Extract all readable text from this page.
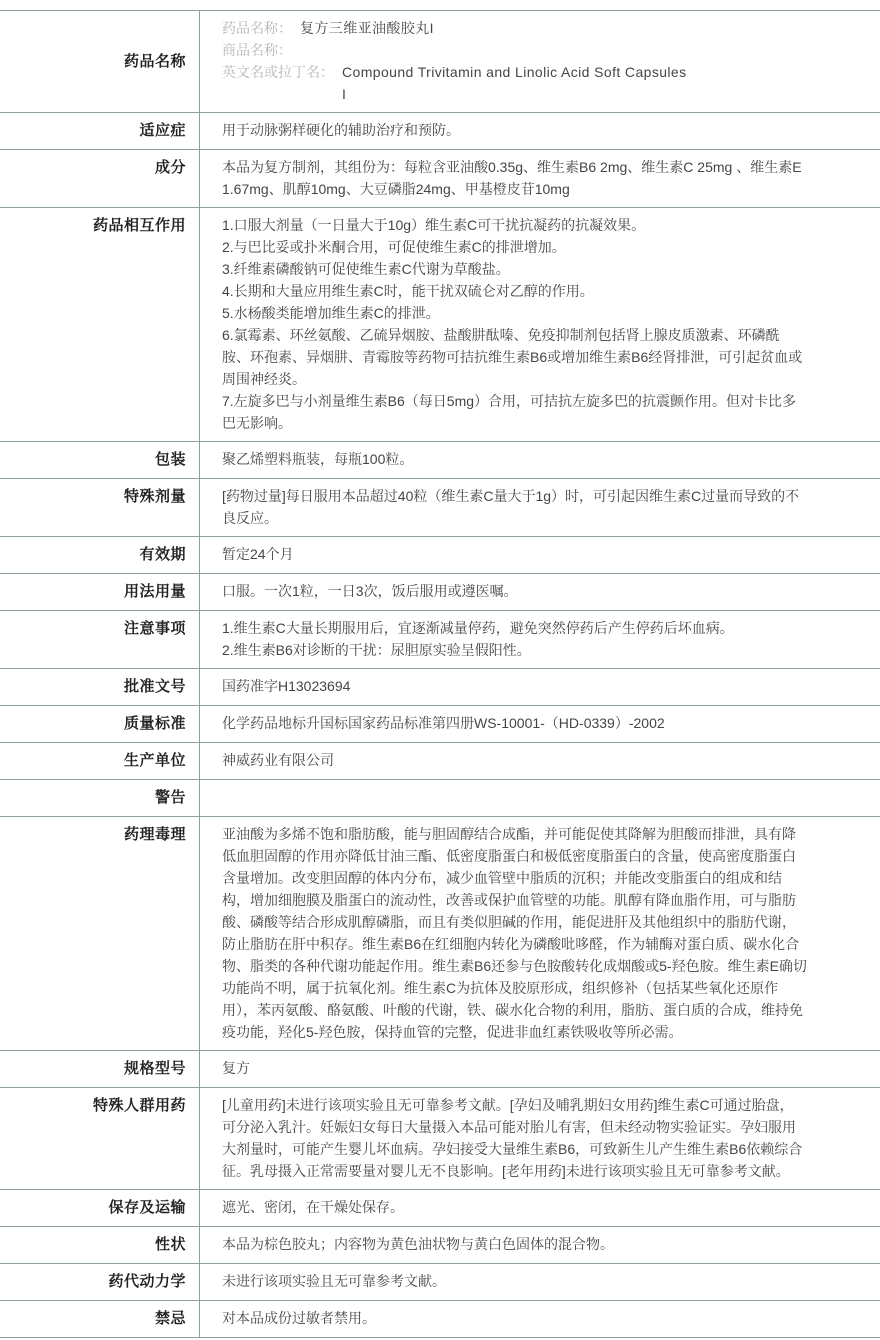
药品名称
药品名称： 复方三维亚油酸胶丸I
商品名称：
英文名或拉丁名： Compound Trivitamin and Linolic Acid Soft Capsules I
适应症	用于动脉粥样硬化的辅助治疗和预防。
成分	本品为复方制剂，其组份为：每粒含亚油酸0.35g、维生素B6 2mg、维生素C 25mg 、维生素E 1.67mg、肌醇10mg、大豆磷脂24mg、甲基橙皮苷10mg
药品相互作用	1.口服大剂量（一日量大于10g）维生素C可干扰抗凝药的抗凝效果。
2.与巴比妥或扑米酮合用，可促使维生素C的排泄增加。
3.纤维素磷酸钠可促使维生素C代谢为草酸盐。
4.长期和大量应用维生素C时，能干扰双硫仑对乙醇的作用。
5.水杨酸类能增加维生素C的排泄。
6.氯霉素、环丝氨酸、乙硫异烟胺、盐酸肼酞嗪、免疫抑制剂包括肾上腺皮质激素、环磷酰胺、环孢素、异烟肼、青霉胺等药物可拮抗维生素B6或增加维生素B6经肾排泄，可引起贫血或周围神经炎。
7.左旋多巴与小剂量维生素B6（每日5mg）合用，可拮抗左旋多巴的抗震颤作用。但对卡比多巴无影响。
包装	聚乙烯塑料瓶装，每瓶100粒。
特殊剂量	[药物过量]每日服用本品超过40粒（维生素C量大于1g）时，可引起因维生素C过量而导致的不良反应。
有效期	暂定24个月
用法用量	口服。一次1粒，一日3次，饭后服用或遵医嘱。
注意事项	1.维生素C大量长期服用后，宜逐渐减量停药，避免突然停药后产生停药后坏血病。
2.维生素B6对诊断的干扰：尿胆原实验呈假阳性。
批准文号	国药准字H13023694
质量标准	化学药品地标升国标国家药品标准第四册WS-10001-（HD-0339）-2002
生产单位	神威药业有限公司
警告
药理毒理	亚油酸为多烯不饱和脂肪酸，能与胆固醇结合成酯，并可能促使其降解为胆酸而排泄，具有降低血胆固醇的作用亦降低甘油三酯、低密度脂蛋白和极低密度脂蛋白的含量，使高密度脂蛋白含量增加。改变胆固醇的体内分布，减少血管壁中脂质的沉积；并能改变脂蛋白的组成和结构，增加细胞膜及脂蛋白的流动性，改善或保护血管壁的功能。肌醇有降血脂作用，可与脂肪酸、磷酸等结合形成肌醇磷脂，而且有类似胆碱的作用，能促进肝及其他组织中的脂肪代谢，防止脂肪在肝中积存。维生素B6在红细胞内转化为磷酸吡哆醛，作为辅酶对蛋白质、碳水化合物、脂类的各种代谢功能起作用。维生素B6还参与色胺酸转化成烟酸或5-羟色胺。维生素E确切功能尚不明，属于抗氧化剂。维生素C为抗体及胶原形成，组织修补（包括某些氧化还原作用），苯丙氨酸、酪氨酸、叶酸的代谢，铁、碳水化合物的利用，脂肪、蛋白质的合成，维持免疫功能，羟化5-羟色胺，保持血管的完整，促进非血红素铁吸收等所必需。
规格型号	复方
特殊人群用药	[儿童用药]未进行该项实验且无可靠参考文献。[孕妇及哺乳期妇女用药]维生素C可通过胎盘，可分泌入乳汁。妊娠妇女每日大量摄入本品可能对胎儿有害，但未经动物实验证实。孕妇服用大剂量时，可能产生婴儿坏血病。孕妇接受大量维生素B6，可致新生儿产生维生素B6依赖综合征。乳母摄入正常需要量对婴儿无不良影响。[老年用药]未进行该项实验且无可靠参考文献。
保存及运输	遮光、密闭，在干燥处保存。
性状	本品为棕色胶丸；内容物为黄色油状物与黄白色固体的混合物。
药代动力学	未进行该项实验且无可靠参考文献。
禁忌	对本品成份过敏者禁用。
